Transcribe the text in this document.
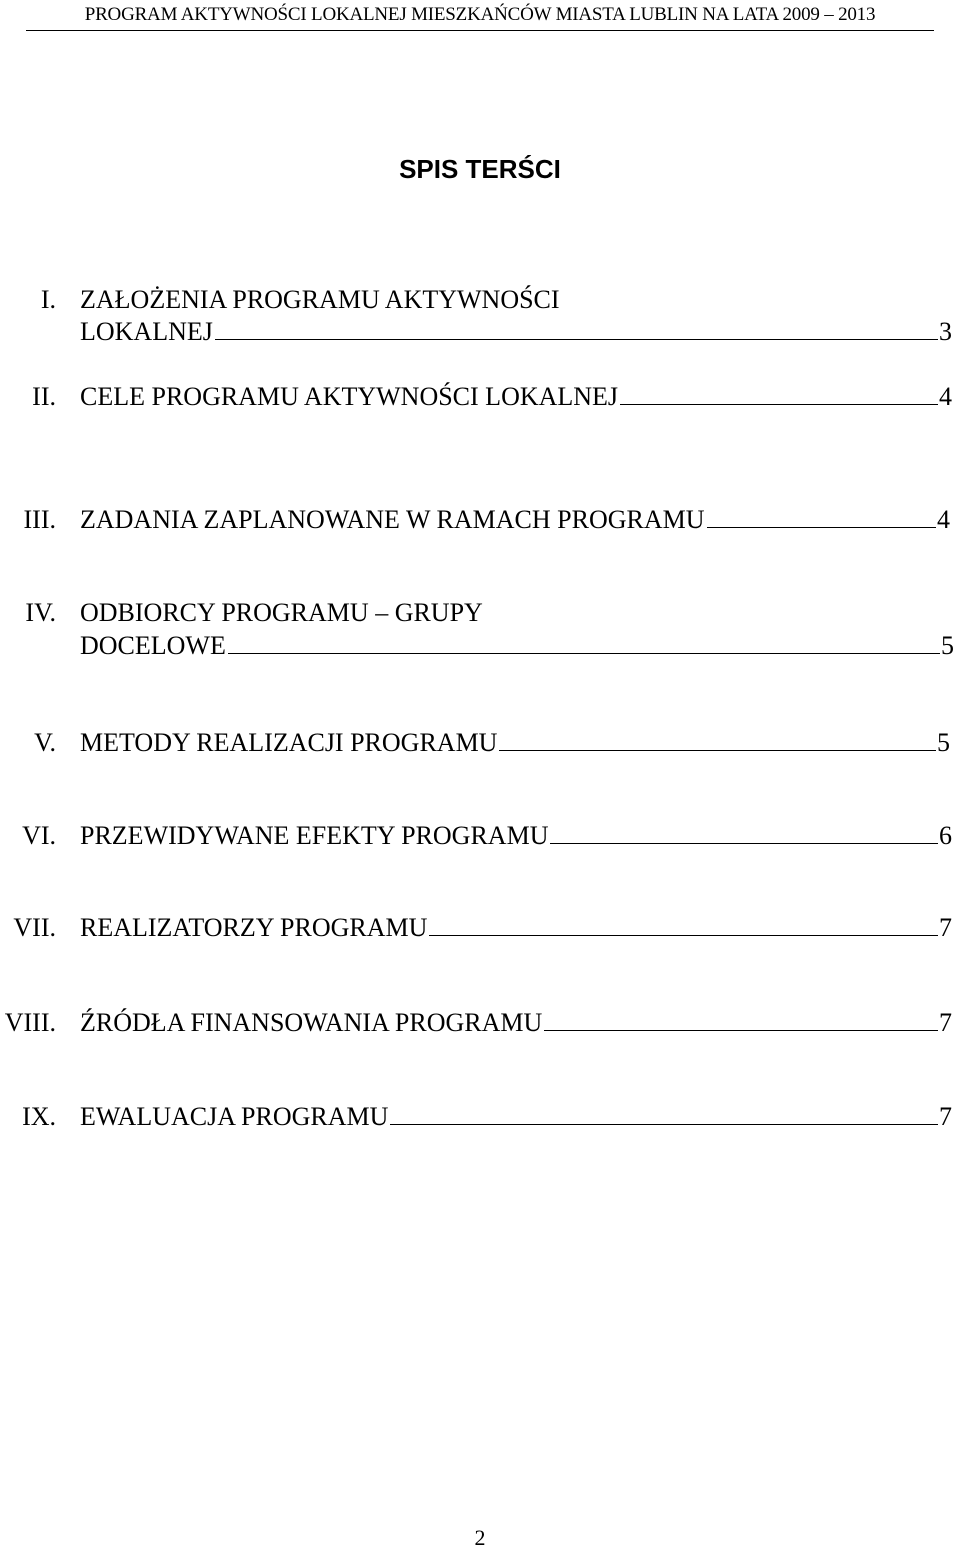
PROGRAM AKTYWNOŚCI LOKALNEJ MIESZKAŃCÓW MIASTA LUBLIN NA LATA 2009 – 2013
SPIS TERŚCI
I. ZAŁOŻENIA PROGRAMU AKTYWNOŚCI
LOKALNEJ	3
II. CELE PROGRAMU AKTYWNOŚCI LOKALNEJ	4
III. ZADANIA ZAPLANOWANE W RAMACH PROGRAMU	4
IV. ODBIORCY PROGRAMU – GRUPY
DOCELOWE	5
V. METODY REALIZACJI PROGRAMU	5
VI. PRZEWIDYWANE EFEKTY PROGRAMU	6
VII. REALIZATORZY PROGRAMU	7
VIII. ŹRÓDŁA FINANSOWANIA PROGRAMU	7
IX. EWALUACJA PROGRAMU	7
2
